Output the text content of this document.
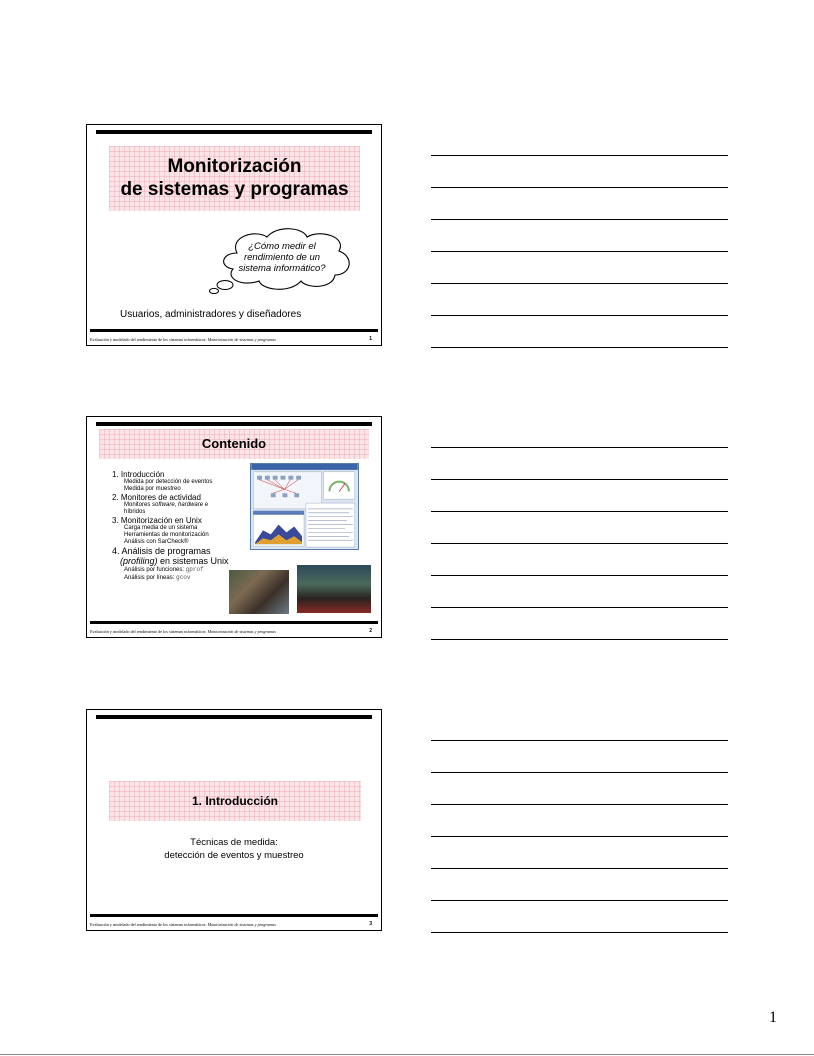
Monitorización
de sistemas y programas
¿Cómo medir el rendimiento de un sistema informático?
Usuarios, administradores y diseñadores
Evaluación y modelado del rendimiento de los sistemas informáticos: Monitorización de sistemas y programas	1
Contenido
1. Introducción
Medida por detección de eventos
Medida por muestreo
2. Monitores de actividad
Monitores software, hardware e
híbridos
3. Monitorización en Unix
Carga media de un sistema
Herramientas de monitorización
Análisis con SarCheck®
4. Análisis de programas
(profiling) en sistemas Unix
Análisis por funciones: gprof
Análisis por líneas: gcov
Evaluación y modelado del rendimiento de los sistemas informáticos: Monitorización de sistemas y programas	2
1. Introducción
Técnicas de medida:
detección de eventos y muestreo
Evaluación y modelado del rendimiento de los sistemas informáticos: Monitorización de sistemas y programas	3
1
